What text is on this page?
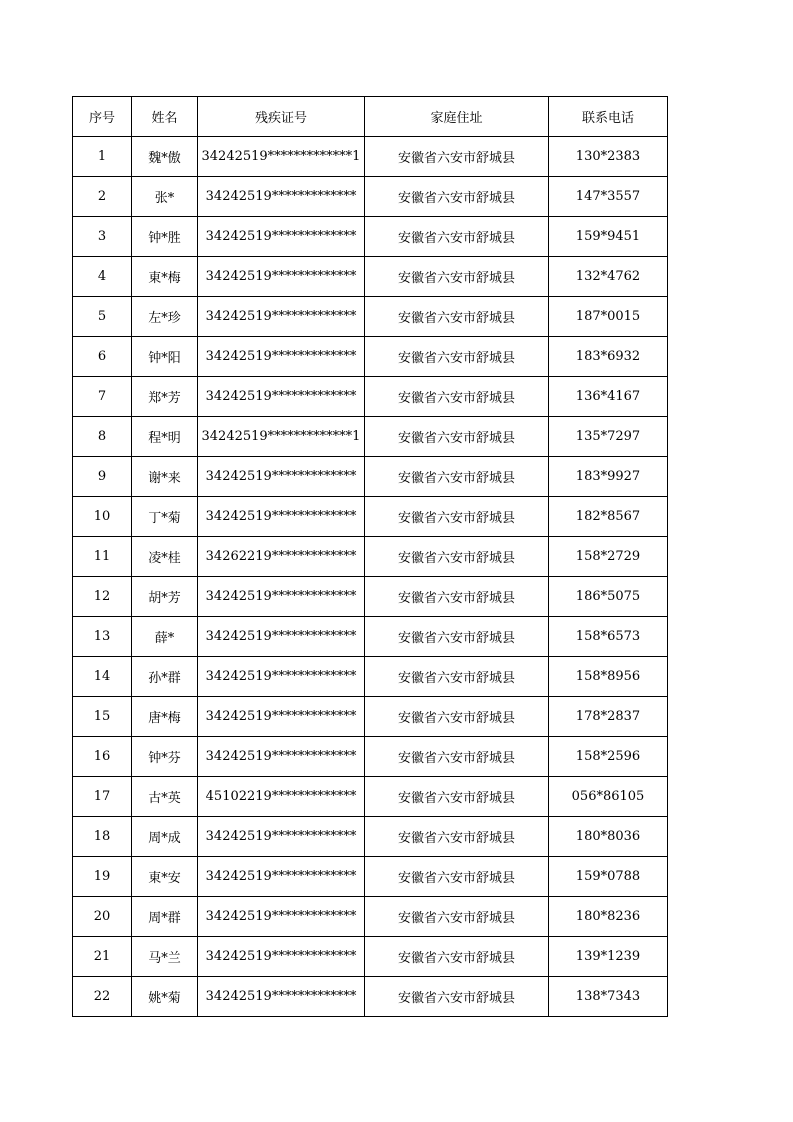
序号	姓名	残疾证号	家庭住址	联系电话
1	魏*傲	34242519*************1	安徽省六安市舒城县	130*2383
2	张*	34242519*************	安徽省六安市舒城县	147*3557
3	钟*胜	34242519*************	安徽省六安市舒城县	159*9451
4	東*梅	34242519*************	安徽省六安市舒城县	132*4762
5	左*珍	34242519*************	安徽省六安市舒城县	187*0015
6	钟*阳	34242519*************	安徽省六安市舒城县	183*6932
7	郑*芳	34242519*************	安徽省六安市舒城县	136*4167
8	程*明	34242519*************1	安徽省六安市舒城县	135*7297
9	谢*来	34242519*************	安徽省六安市舒城县	183*9927
10	丁*菊	34242519*************	安徽省六安市舒城县	182*8567
11	凌*桂	34262219*************	安徽省六安市舒城县	158*2729
12	胡*芳	34242519*************	安徽省六安市舒城县	186*5075
13	薛*	34242519*************	安徽省六安市舒城县	158*6573
14	孙*群	34242519*************	安徽省六安市舒城县	158*8956
15	唐*梅	34242519*************	安徽省六安市舒城县	178*2837
16	钟*芬	34242519*************	安徽省六安市舒城县	158*2596
17	古*英	45102219*************	安徽省六安市舒城县	056*86105
18	周*成	34242519*************	安徽省六安市舒城县	180*8036
19	東*安	34242519*************	安徽省六安市舒城县	159*0788
20	周*群	34242519*************	安徽省六安市舒城县	180*8236
21	马*兰	34242519*************	安徽省六安市舒城县	139*1239
22	姚*菊	34242519*************	安徽省六安市舒城县	138*7343
